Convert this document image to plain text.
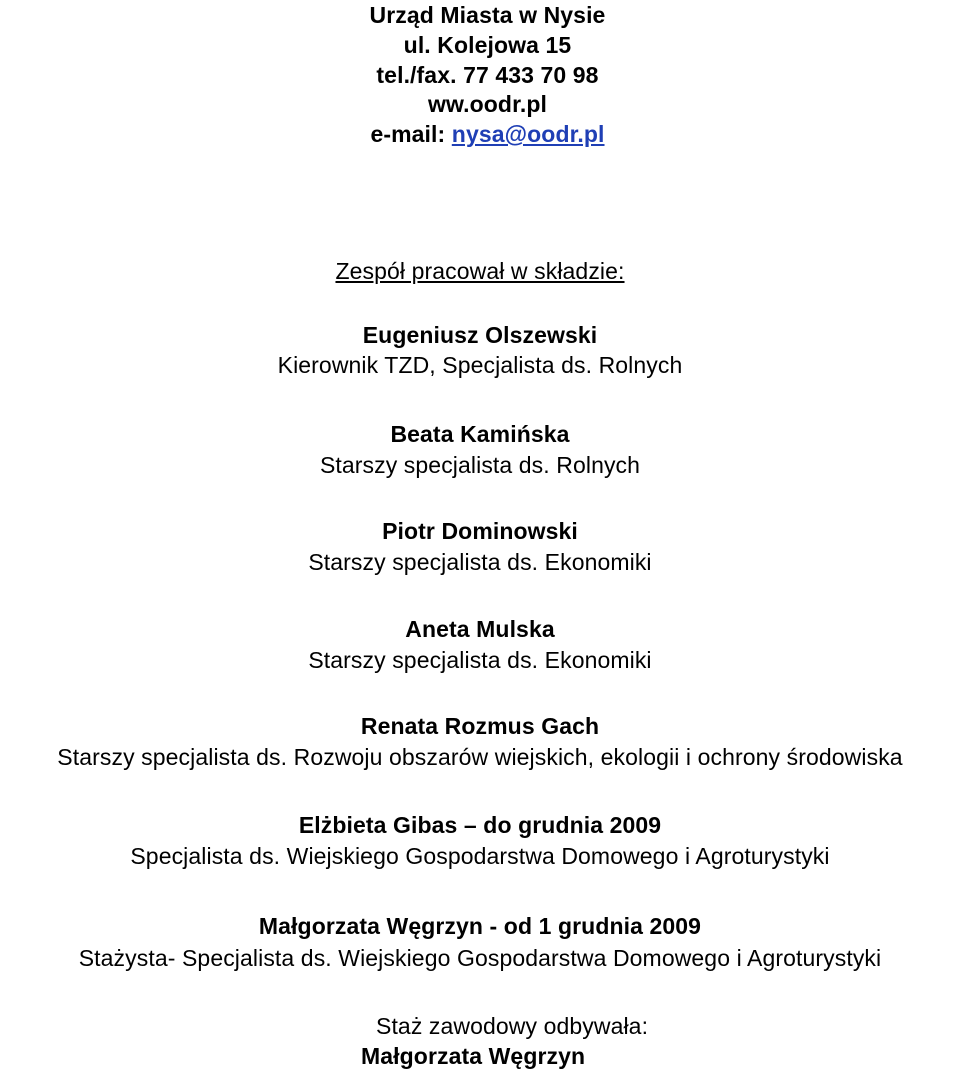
Urząd Miasta w Nysie
ul. Kolejowa 15
tel./fax. 77 433 70 98
ww.oodr.pl
e-mail: nysa@oodr.pl
Zespół pracował w składzie:
Eugeniusz Olszewski
Kierownik TZD, Specjalista ds. Rolnych
Beata Kamińska
Starszy specjalista ds. Rolnych
Piotr Dominowski
Starszy specjalista ds. Ekonomiki
Aneta Mulska
Starszy specjalista ds. Ekonomiki
Renata Rozmus Gach
Starszy specjalista ds. Rozwoju obszarów wiejskich, ekologii i ochrony środowiska
Elżbieta Gibas – do grudnia 2009
Specjalista ds. Wiejskiego Gospodarstwa Domowego i Agroturystyki
Małgorzata Węgrzyn - od 1 grudnia 2009
Stażysta- Specjalista ds. Wiejskiego Gospodarstwa Domowego i Agroturystyki
Staż zawodowy odbywała:
Małgorzata Węgrzyn
